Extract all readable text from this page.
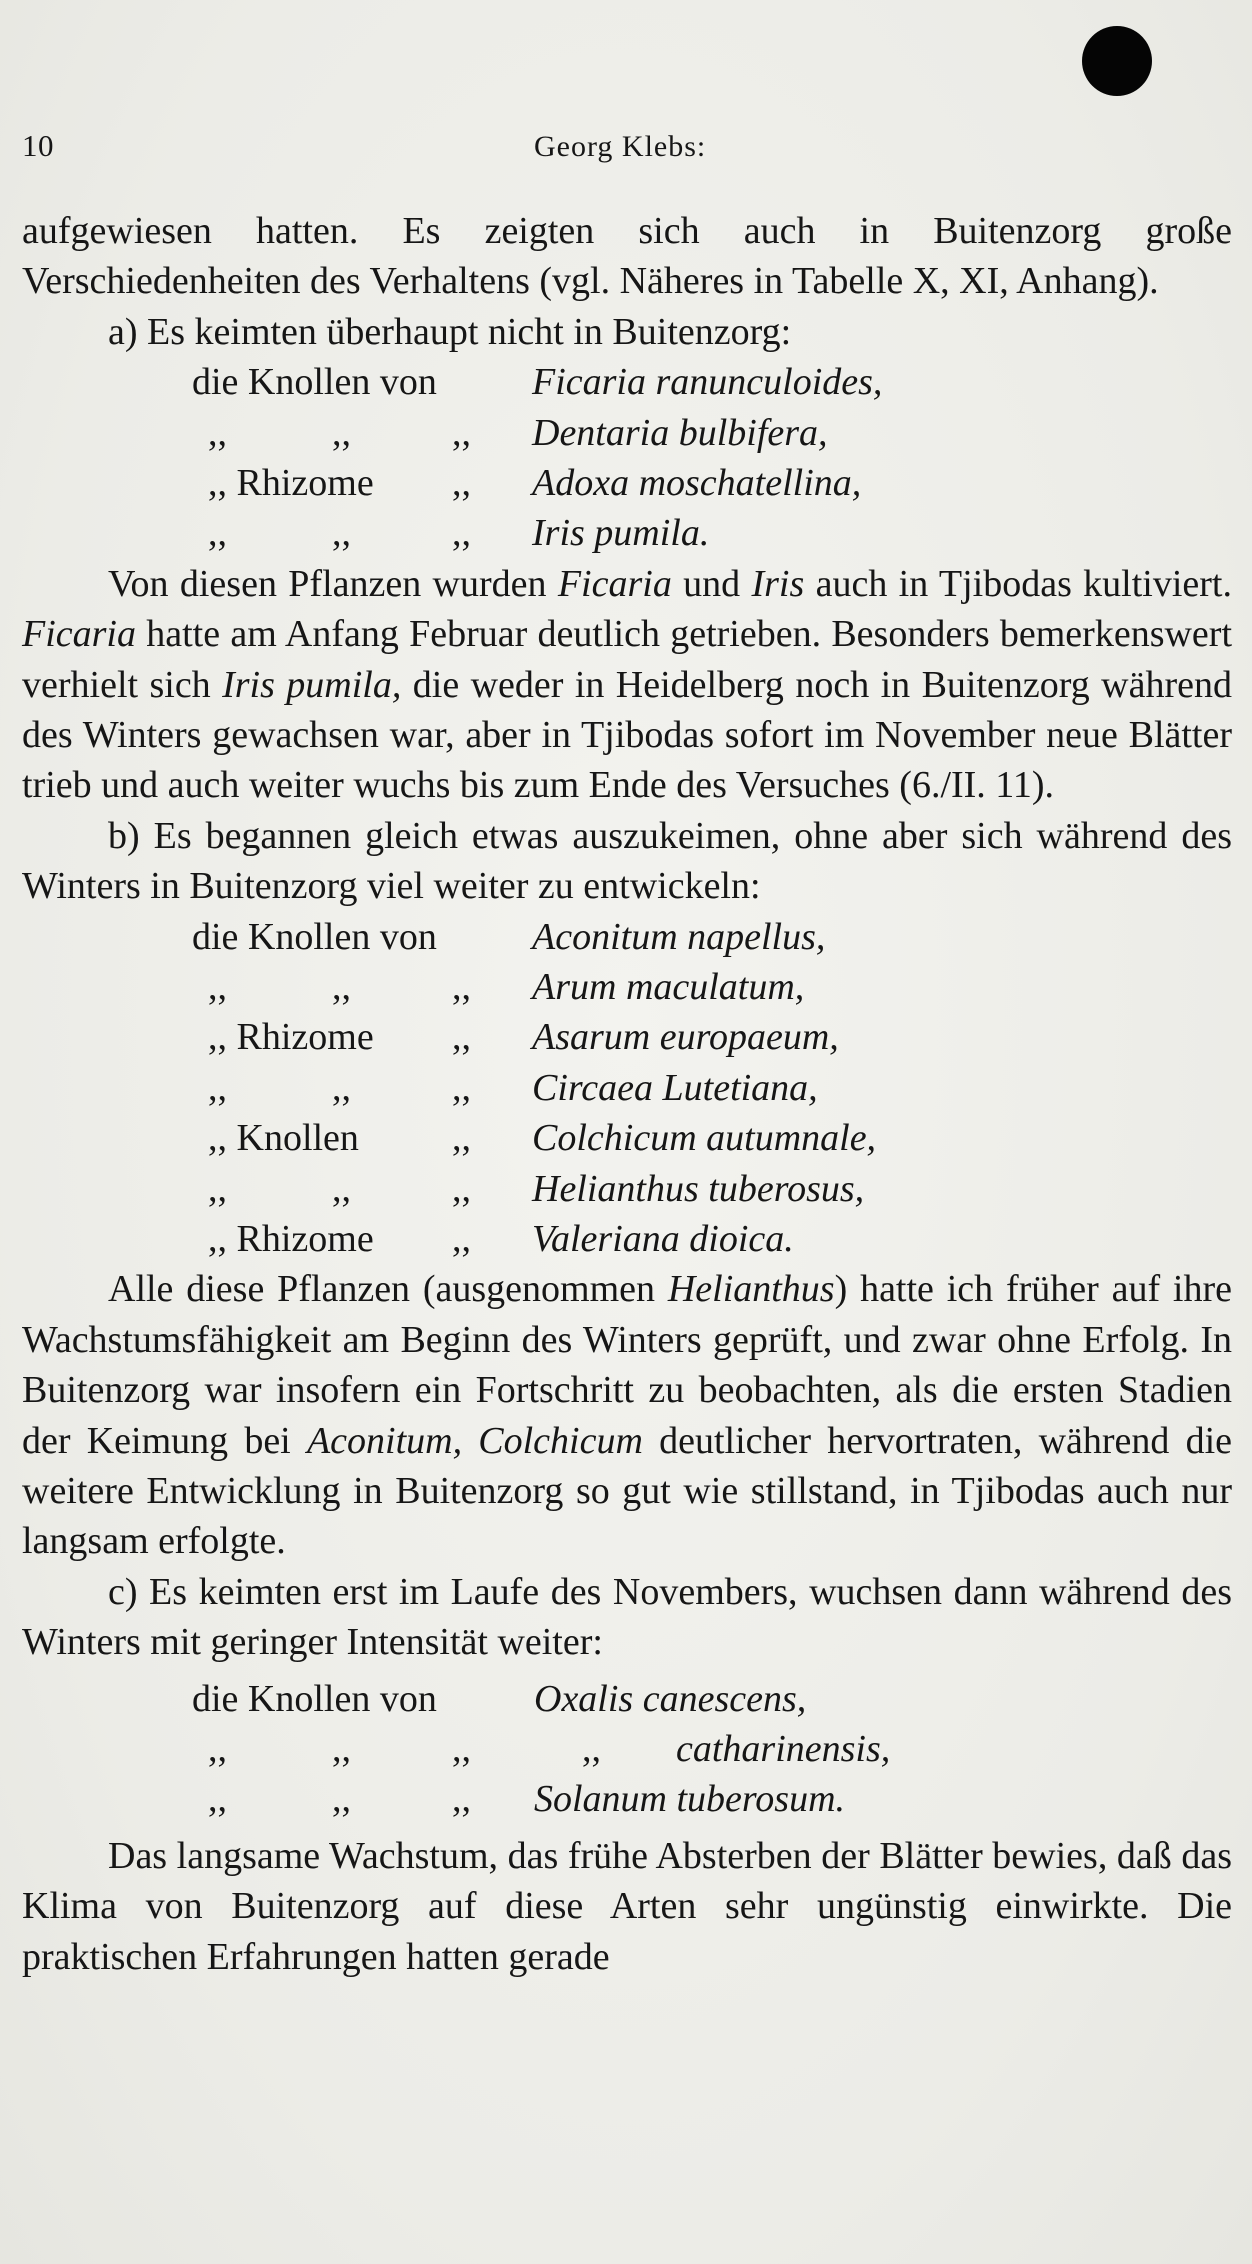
10	Georg Klebs:

aufgewiesen hatten. Es zeigten sich auch in Buitenzorg große Verschiedenheiten des Verhaltens (vgl. Näheres in Tabelle X, XI, Anhang).

a) Es keimten überhaupt nicht in Buitenzorg:

die Knollen von	Ficaria ranunculoides,
,,	,,	,, Dentaria bulbifera,
,, Rhizome ,, Adoxa moschatellina,
,,	,,	,, Iris pumila.

Von diesen Pflanzen wurden Ficaria und Iris auch in Tjibodas kultiviert. Ficaria hatte am Anfang Februar deutlich getrieben. Besonders bemerkenswert verhielt sich Iris pumila, die weder in Heidelberg noch in Buitenzorg während des Winters gewachsen war, aber in Tjibodas sofort im November neue Blätter trieb und auch weiter wuchs bis zum Ende des Versuches (6./II. 11).

b) Es begannen gleich etwas auszukeimen, ohne aber sich während des Winters in Buitenzorg viel weiter zu entwickeln:

die Knollen von	Aconitum napellus,
,,	,,	,, Arum maculatum,
,, Rhizome ,, Asarum europaeum,
,,	,,	,, Circaea Lutetiana,
,, Knollen ,, Colchicum autumnale,
,,	,,	,, Helianthus tuberosus,
,, Rhizome ,, Valeriana dioica.

Alle diese Pflanzen (ausgenommen Helianthus) hatte ich früher auf ihre Wachstumsfähigkeit am Beginn des Winters geprüft, und zwar ohne Erfolg. In Buitenzorg war insofern ein Fortschritt zu beobachten, als die ersten Stadien der Keimung bei Aconitum, Colchicum deutlicher hervortraten, während die weitere Entwicklung in Buitenzorg so gut wie stillstand, in Tjibodas auch nur langsam erfolgte.

c) Es keimten erst im Laufe des Novembers, wuchsen dann während des Winters mit geringer Intensität weiter:

die Knollen von	Oxalis canescens,
,,	,,	,,	,, catharinensis,
,,	,,	,, Solanum tuberosum.

Das langsame Wachstum, das frühe Absterben der Blätter bewies, daß das Klima von Buitenzorg auf diese Arten sehr ungünstig einwirkte. Die praktischen Erfahrungen hatten gerade
